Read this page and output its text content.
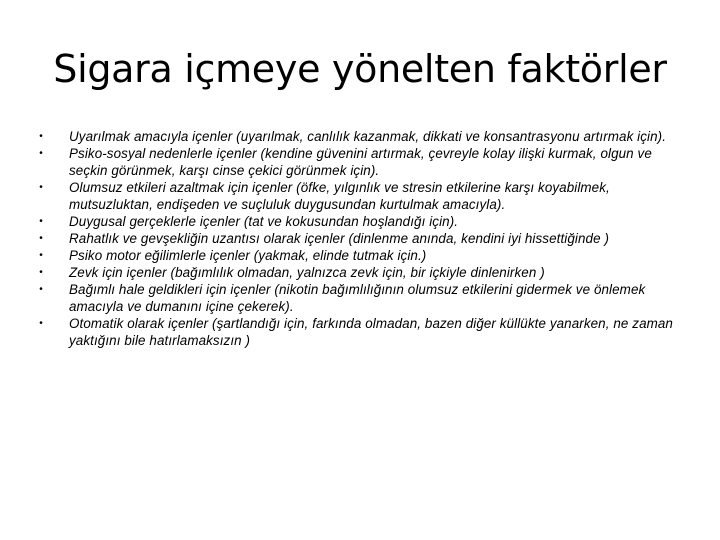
Sigara içmeye yönelten faktörler
• Uyarılmak amacıyla içenler (uyarılmak, canlılık kazanmak, dikkati ve konsantrasyonu artırmak için).
• Psiko-sosyal nedenlerle içenler (kendine güvenini artırmak, çevreyle kolay ilişki kurmak, olgun ve seçkin görünmek, karşı cinse çekici görünmek için).
• Olumsuz etkileri azaltmak için içenler (öfke, yılgınlık ve stresin etkilerine karşı koyabilmek, mutsuzluktan, endişeden ve suçluluk duygusundan kurtulmak amacıyla).
• Duygusal gerçeklerle içenler (tat ve kokusundan hoşlandığı için).
• Rahatlık ve gevşekliğin uzantısı olarak içenler (dinlenme anında, kendini iyi hissettiğinde )
• Psiko motor eğilimlerle içenler (yakmak, elinde tutmak için.)
• Zevk için içenler (bağımlılık olmadan, yalnızca zevk için, bir içkiyle dinlenirken )
• Bağımlı hale geldikleri için içenler (nikotin bağımlılığının olumsuz etkilerini gidermek ve önlemek amacıyla ve dumanını içine çekerek).
• Otomatik olarak içenler (şartlandığı için, farkında olmadan, bazen diğer küllükte yanarken, ne zaman yaktığını bile hatırlamaksızın )
